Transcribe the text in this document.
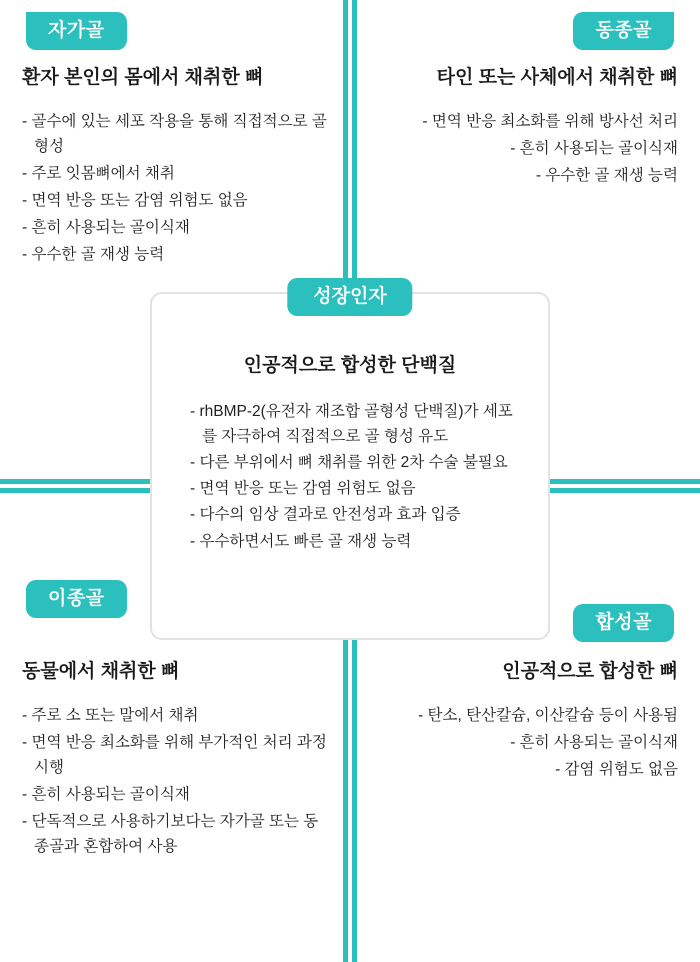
자가골
환자 본인의 몸에서 채취한 뼈
- 골수에 있는 세포 작용을 통해 직접적으로 골 형성
- 주로 잇몸뼈에서 채취
- 면역 반응 또는 감염 위험도 없음
- 흔히 사용되는 골이식재
- 우수한 골 재생 능력
동종골
타인 또는 사체에서 채취한 뼈
- 면역 반응 최소화를 위해 방사선 처리
- 흔히 사용되는 골이식재
- 우수한 골 재생 능력
이종골
동물에서 채취한 뼈
- 주로 소 또는 말에서 채취
- 면역 반응 최소화를 위해 부가적인 처리 과정 시행
- 흔히 사용되는 골이식재
- 단독적으로 사용하기보다는 자가골 또는 동종골과 혼합하여 사용
합성골
인공적으로 합성한 뼈
- 탄소, 탄산칼슘, 이산칼슘 등이 사용됨
- 흔히 사용되는 골이식재
- 감염 위험도 없음
성장인자
인공적으로 합성한 단백질
- rhBMP-2(유전자 재조합 골형성 단백질)가 세포를 자극하여 직접적으로 골 형성 유도
- 다른 부위에서 뼈 채취를 위한 2차 수술 불필요
- 면역 반응 또는 감염 위험도 없음
- 다수의 임상 결과로 안전성과 효과 입증
- 우수하면서도 빠른 골 재생 능력
